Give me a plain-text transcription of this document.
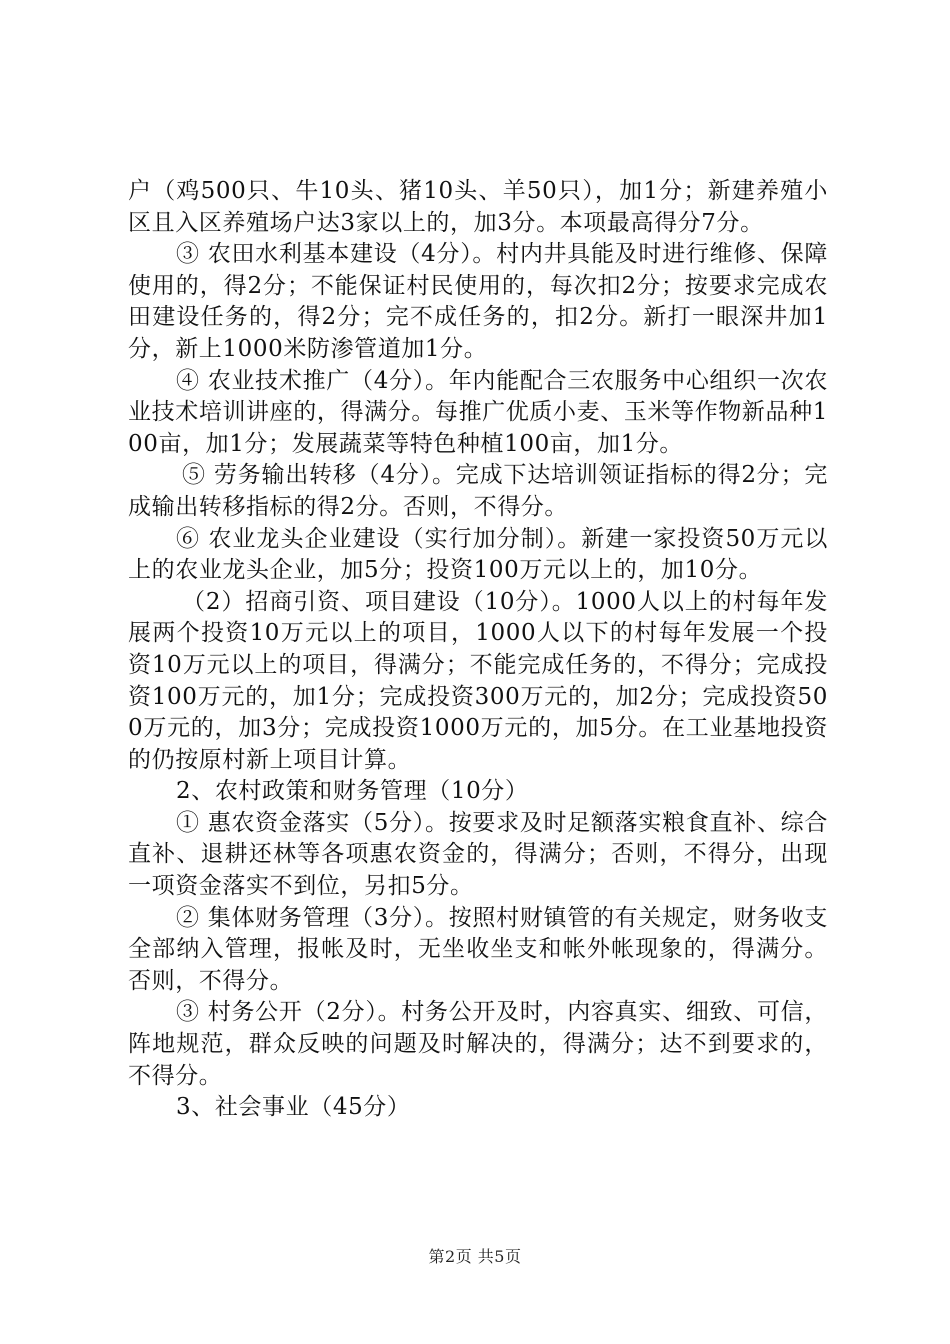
户（鸡500只、牛10头、猪10头、羊50只），加1分；新建养殖小区且入区养殖场户达3家以上的，加3分。本项最高得分7分。

③ 农田水利基本建设（4分）。村内井具能及时进行维修、保障使用的，得2分；不能保证村民使用的，每次扣2分；按要求完成农田建设任务的，得2分；完不成任务的，扣2分。新打一眼深井加1分，新上1000米防渗管道加1分。

④ 农业技术推广（4分）。年内能配合三农服务中心组织一次农业技术培训讲座的，得满分。每推广优质小麦、玉米等作物新品种100亩，加1分；发展蔬菜等特色种植100亩，加1分。

⑤ 劳务输出转移（4分）。完成下达培训领证指标的得2分；完成输出转移指标的得2分。否则，不得分。

⑥ 农业龙头企业建设（实行加分制）。新建一家投资50万元以上的农业龙头企业，加5分；投资100万元以上的，加10分。

（2）招商引资、项目建设（10分）。1000人以上的村每年发展两个投资10万元以上的项目，1000人以下的村每年发展一个投资10万元以上的项目，得满分；不能完成任务的，不得分；完成投资100万元的，加1分；完成投资300万元的，加2分；完成投资500万元的，加3分；完成投资1000万元的，加5分。在工业基地投资的仍按原村新上项目计算。

2、农村政策和财务管理（10分）

① 惠农资金落实（5分）。按要求及时足额落实粮食直补、综合直补、退耕还林等各项惠农资金的，得满分；否则，不得分，出现一项资金落实不到位，另扣5分。

② 集体财务管理（3分）。按照村财镇管的有关规定，财务收支全部纳入管理，报帐及时，无坐收坐支和帐外帐现象的，得满分。否则，不得分。

③ 村务公开（2分）。村务公开及时，内容真实、细致、可信，阵地规范，群众反映的问题及时解决的，得满分；达不到要求的，不得分。

3、社会事业（45分）

第2页 共5页
